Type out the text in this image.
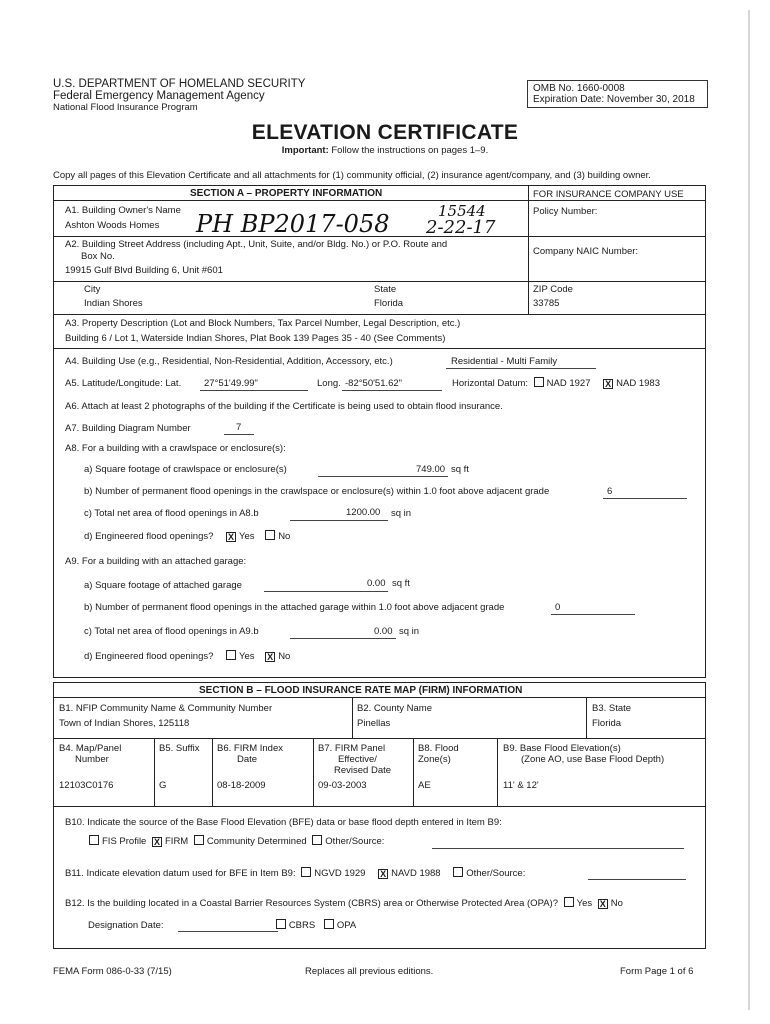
U.S. DEPARTMENT OF HOMELAND SECURITY
Federal Emergency Management Agency
National Flood Insurance Program
OMB No. 1660-0008
Expiration Date: November 30, 2018
ELEVATION CERTIFICATE
Important: Follow the instructions on pages 1–9.
Copy all pages of this Elevation Certificate and all attachments for (1) community official, (2) insurance agent/company, and (3) building owner.
SECTION A – PROPERTY INFORMATION	FOR INSURANCE COMPANY USE
A1. Building Owner's Name
Ashton Woods Homes PH BP2017-058	15544
2-22-17
Policy Number:
A2. Building Street Address (including Apt., Unit, Suite, and/or Bldg. No.) or P.O. Route and
Box No.
19915 Gulf Blvd Building 6, Unit #601
Company NAIC Number:
City
Indian Shores
State
Florida
ZIP Code
33785
A3. Property Description (Lot and Block Numbers, Tax Parcel Number, Legal Description, etc.)
Building 6 / Lot 1, Waterside Indian Shores, Plat Book 139 Pages 35 - 40 (See Comments)
A4. Building Use (e.g., Residential, Non-Residential, Addition, Accessory, etc.)	Residential - Multi Family
A5. Latitude/Longitude: Lat. 27°51'49.99"	Long. -82°50'51.62"	Horizontal Datum: NAD 1927 X NAD 1983
A6. Attach at least 2 photographs of the building if the Certificate is being used to obtain flood insurance.
A7. Building Diagram Number	7
A8. For a building with a crawlspace or enclosure(s):
a) Square footage of crawlspace or enclosure(s)	749.00 sq ft
b) Number of permanent flood openings in the crawlspace or enclosure(s) within 1.0 foot above adjacent grade	6
c) Total net area of flood openings in A8.b	1200.00 sq in
d) Engineered flood openings? X Yes No
A9. For a building with an attached garage:
a) Square footage of attached garage	0.00 sq ft
b) Number of permanent flood openings in the attached garage within 1.0 foot above adjacent grade	0
c) Total net area of flood openings in A9.b	0.00 sq in
d) Engineered flood openings?	Yes X No
SECTION B – FLOOD INSURANCE RATE MAP (FIRM) INFORMATION
B1. NFIP Community Name & Community Number
Town of Indian Shores, 125118
B2. County Name
Pinellas
B3. State
Florida
B4. Map/Panel
Number
12103C0176
B5. Suffix
G
B6. FIRM Index
Date
08-18-2009
B7. FIRM Panel
Effective/
Revised Date
09-03-2003
B8. Flood
Zone(s)
AE
B9. Base Flood Elevation(s)
(Zone AO, use Base Flood Depth)
11' & 12'
B10. Indicate the source of the Base Flood Elevation (BFE) data or base flood depth entered in Item B9:
FIS Profile X FIRM Community Determined Other/Source:
B11. Indicate elevation datum used for BFE in Item B9: NGVD 1929 X NAVD 1988	Other/Source:
B12. Is the building located in a Coastal Barrier Resources System (CBRS) area or Otherwise Protected Area (OPA)? Yes X No
Designation Date:	CBRS OPA
FEMA Form 086-0-33 (7/15)	Replaces all previous editions.	Form Page 1 of 6
